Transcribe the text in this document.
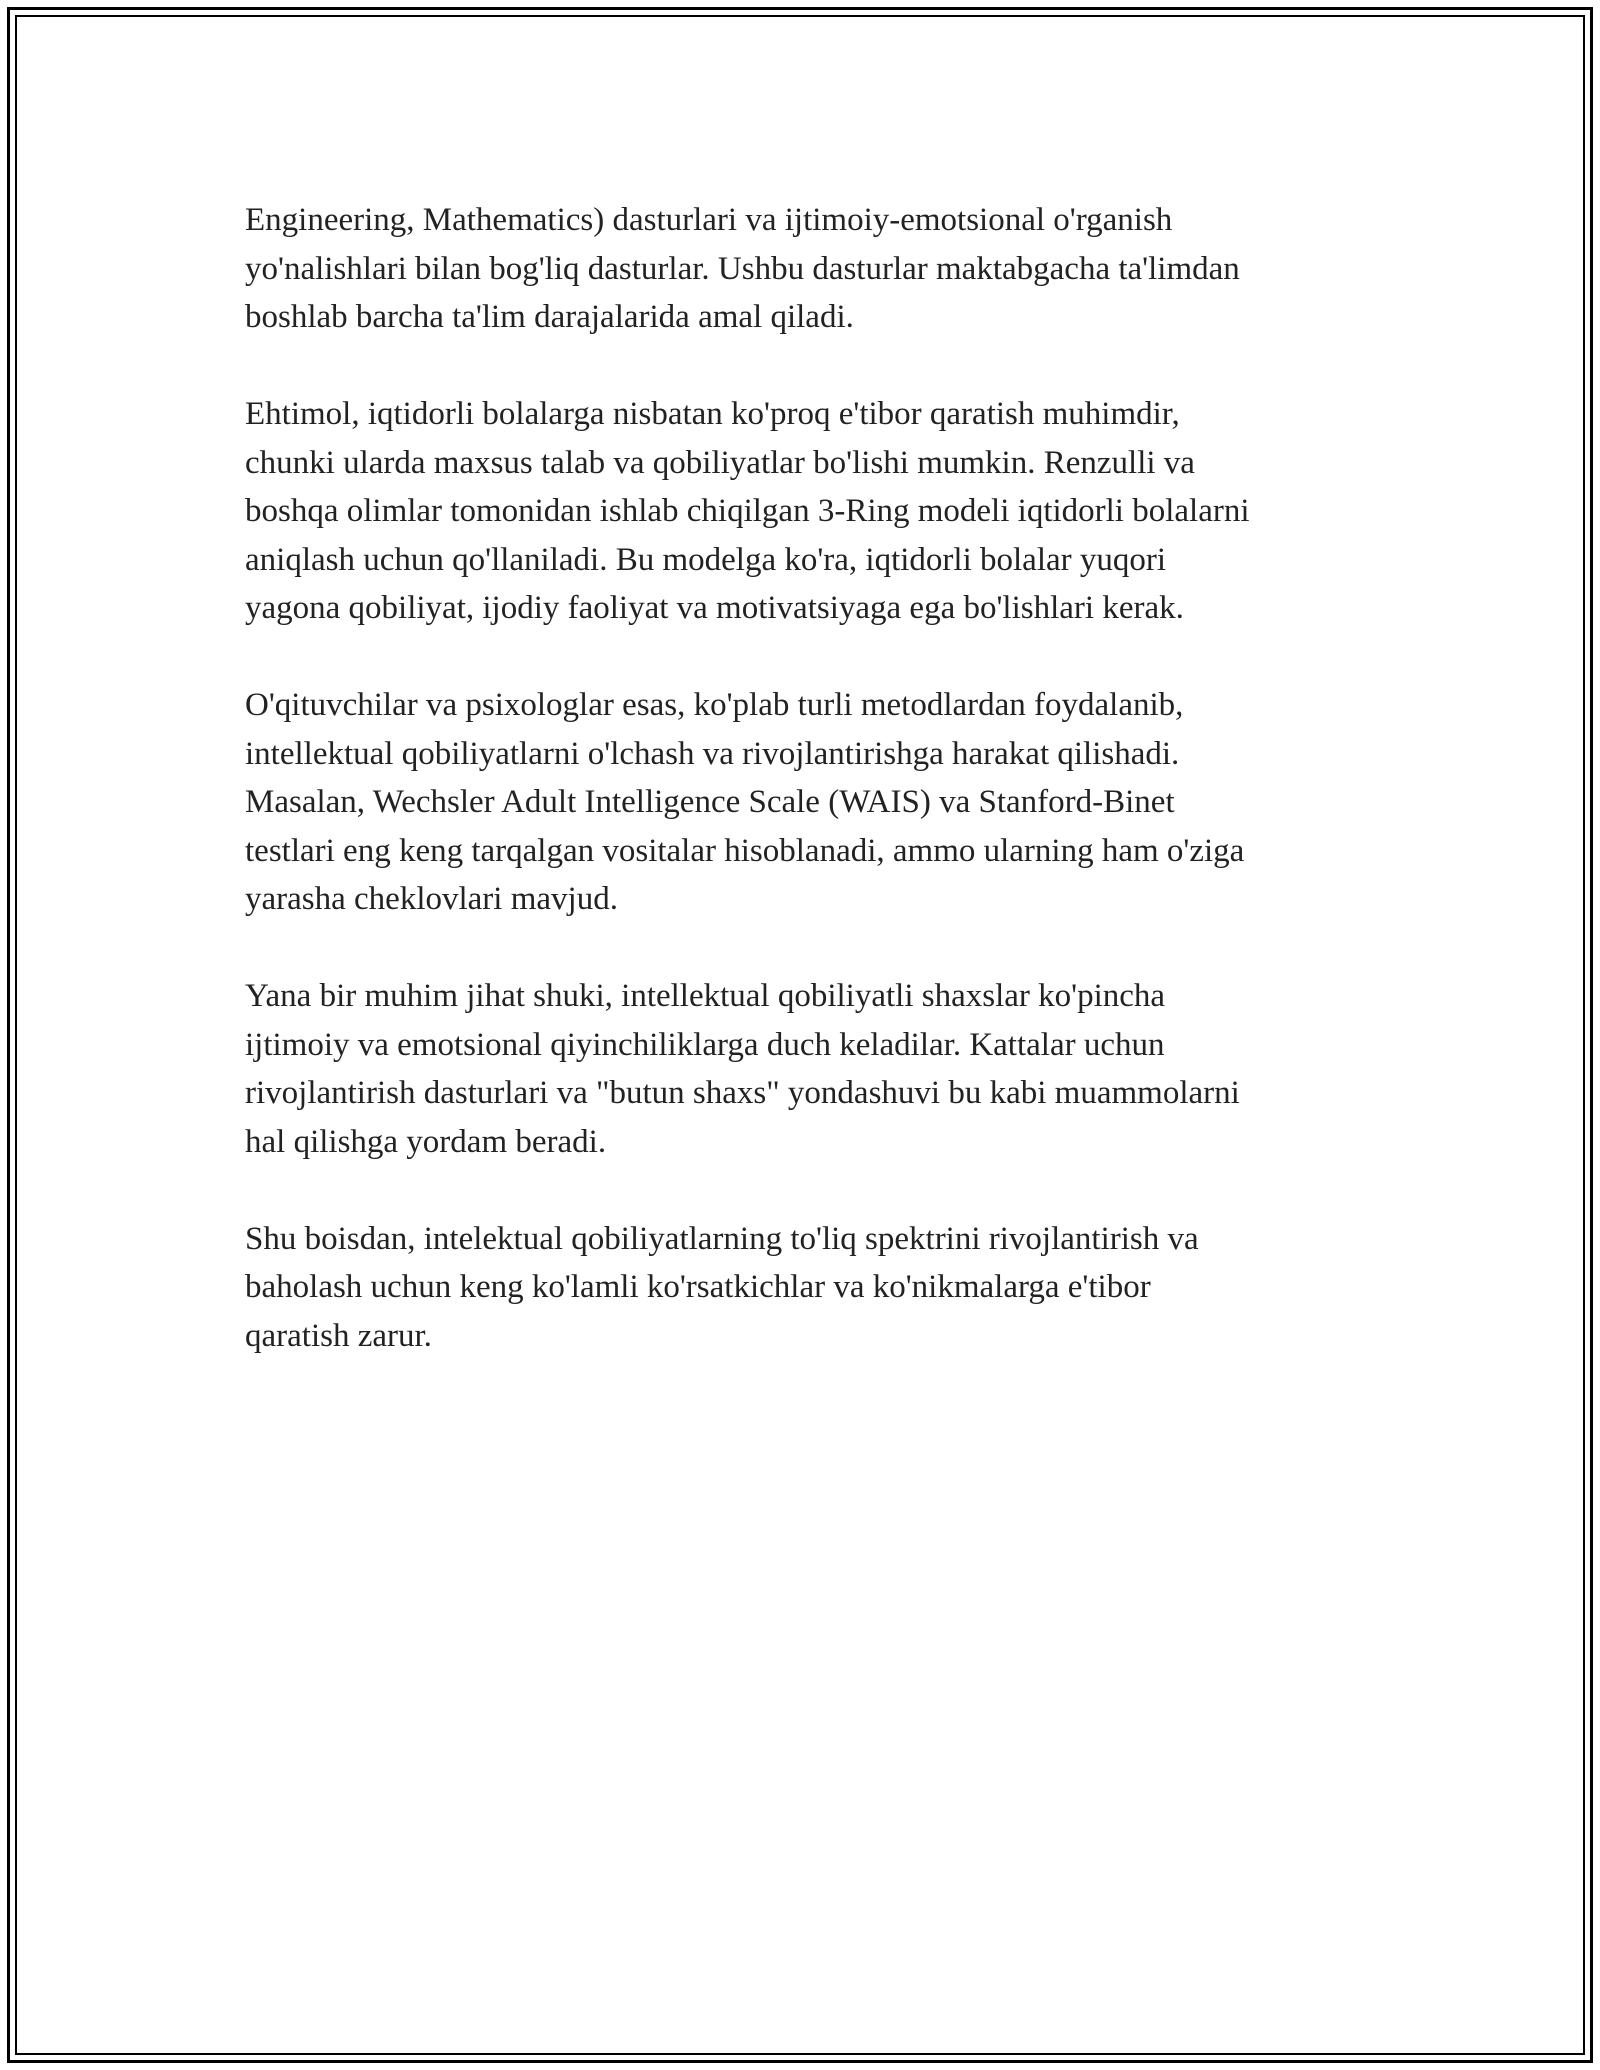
Engineering, Mathematics) dasturlari va ijtimoiy-emotsional o'rganish
yo'nalishlari bilan bog'liq dasturlar. Ushbu dasturlar maktabgacha ta'limdan
boshlab barcha ta'lim darajalarida amal qiladi.

Ehtimol, iqtidorli bolalarga nisbatan ko'proq e'tibor qaratish muhimdir,
chunki ularda maxsus talab va qobiliyatlar bo'lishi mumkin. Renzulli va
boshqa olimlar tomonidan ishlab chiqilgan 3-Ring modeli iqtidorli bolalarni
aniqlash uchun qo'llaniladi. Bu modelga ko'ra, iqtidorli bolalar yuqori
yagona qobiliyat, ijodiy faoliyat va motivatsiyaga ega bo'lishlari kerak.

O'qituvchilar va psixologlar esas, ko'plab turli metodlardan foydalanib,
intellektual qobiliyatlarni o'lchash va rivojlantirishga harakat qilishadi.
Masalan, Wechsler Adult Intelligence Scale (WAIS) va Stanford-Binet
testlari eng keng tarqalgan vositalar hisoblanadi, ammo ularning ham o'ziga
yarasha cheklovlari mavjud.

Yana bir muhim jihat shuki, intellektual qobiliyatli shaxslar ko'pincha
ijtimoiy va emotsional qiyinchiliklarga duch keladilar. Kattalar uchun
rivojlantirish dasturlari va "butun shaxs" yondashuvi bu kabi muammolarni
hal qilishga yordam beradi.

Shu boisdan, intelektual qobiliyatlarning to'liq spektrini rivojlantirish va
baholash uchun keng ko'lamli ko'rsatkichlar va ko'nikmalarga e'tibor
qaratish zarur.
